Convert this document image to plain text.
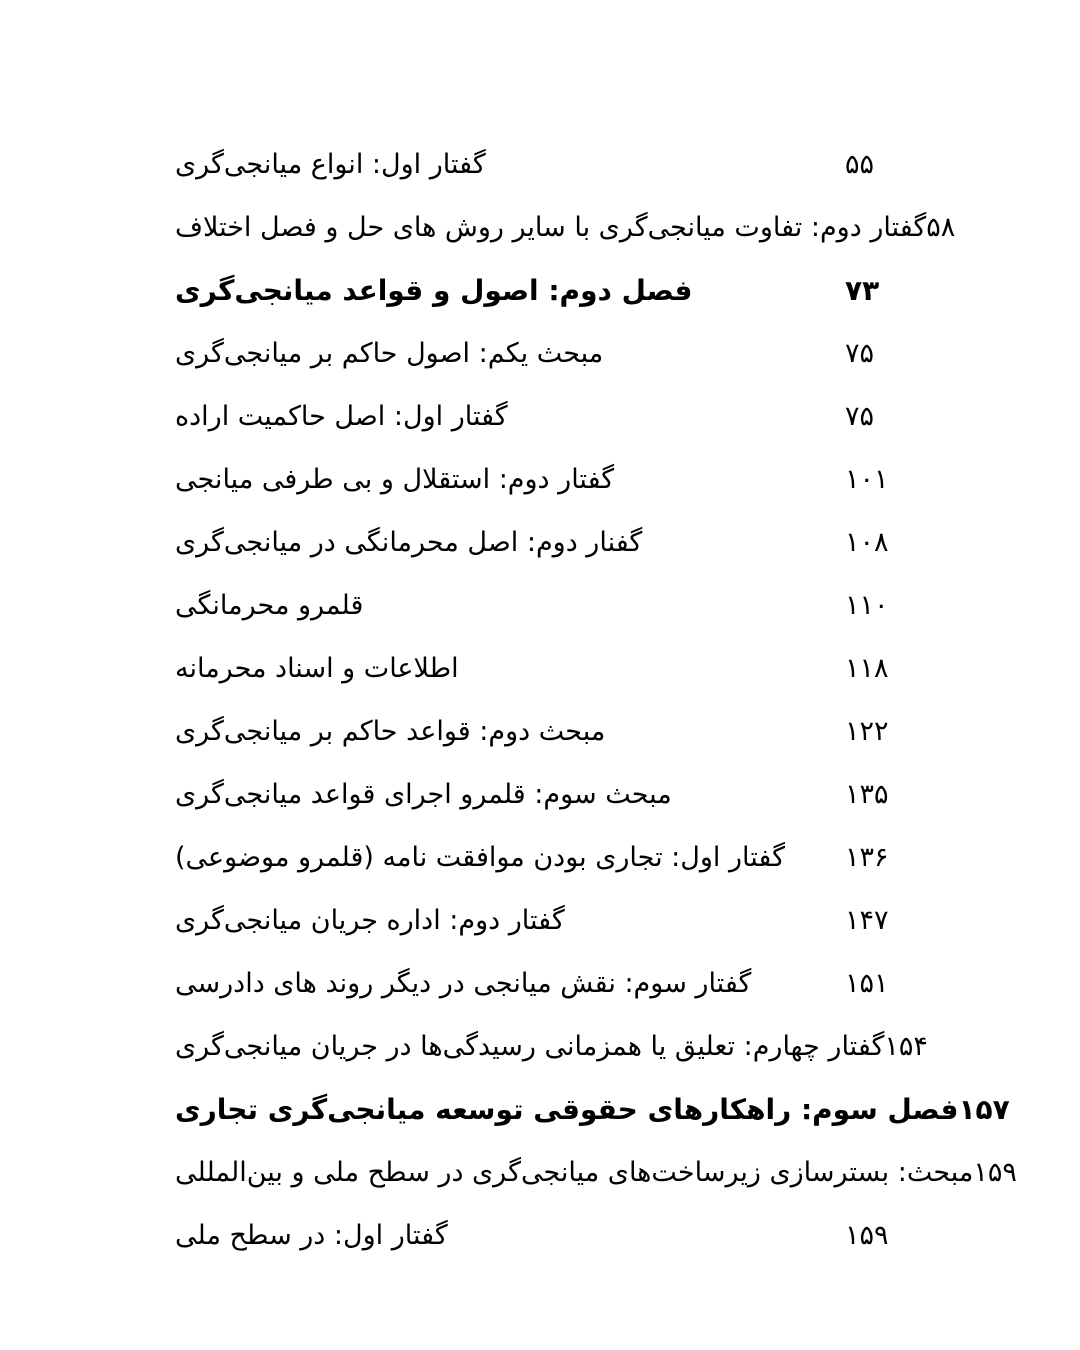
گفتار اول: انواع میانجی‌گری	۵۵
گفتار دوم: تفاوت میانجی‌گری با سایر روش های حل و فصل اختلاف ۵۸
فصل دوم: اصول و قواعد میانجی‌گری	۷۳
مبحث یکم: اصول حاکم بر میانجی‌گری	۷۵
گفتار اول: اصل حاکمیت اراده	۷۵
گفتار دوم: استقلال و بی طرفی میانجی	۱۰۱
گفنار دوم: اصل محرمانگی در میانجی‌گری	۱۰۸
قلمرو محرمانگی	۱۱۰
اطلاعات و اسناد محرمانه	۱۱۸
مبحث دوم: قواعد حاکم بر میانجی‌گری	۱۲۲
مبحث سوم: قلمرو اجرای قواعد میانجی‌گری	۱۳۵
گفتار اول: تجاری بودن موافقت نامه (قلمرو موضوعی) ۱۳۶
گفتار دوم: اداره جریان میانجی‌گری	۱۴۷
گفتار سوم: نقش میانجی در دیگر روند های دادرسی	۱۵۱
گفتار چهارم: تعلیق یا همزمانی رسیدگی‌ها در جریان میانجی‌گری ۱۵۴
فصل سوم: راهکارهای حقوقی توسعه میانجی‌گری تجاری ۱۵۷
مبحث: بسترسازی زیرساخت‌های میانجی‌گری در سطح ملی و بین‌المللی ۱۵۹
گفتار اول: در سطح ملی	۱۵۹
